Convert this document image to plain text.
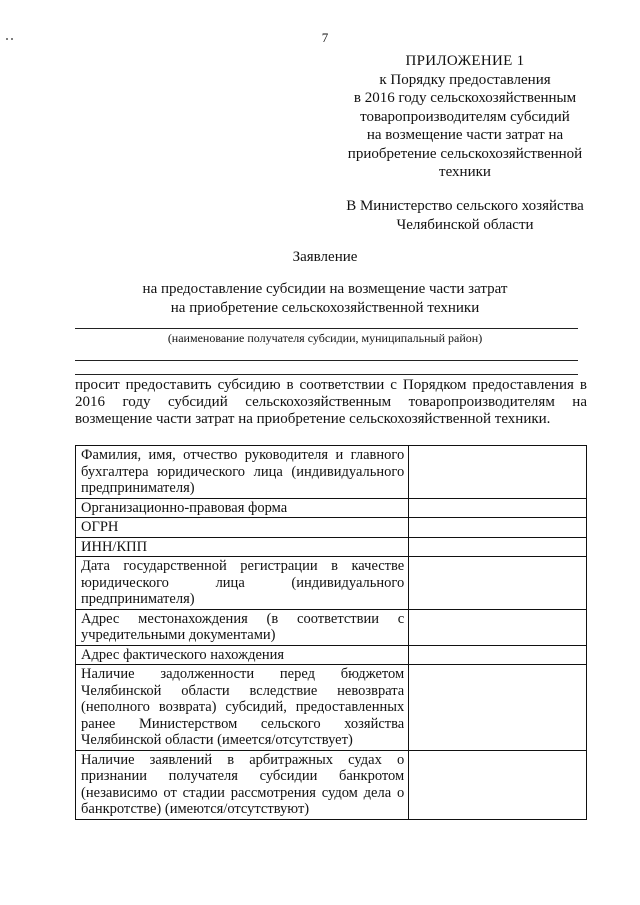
7
ПРИЛОЖЕНИЕ 1
к Порядку предоставления
в 2016 году сельскохозяйственным
товаропроизводителям субсидий
на возмещение части затрат на
приобретение сельскохозяйственной
техники
В Министерство сельского хозяйства
Челябинской области
Заявление
на предоставление субсидии на возмещение части затрат
на приобретение сельскохозяйственной техники
(наименование получателя субсидии, муниципальный район)

просит предоставить субсидию в соответствии с Порядком предоставления в

2016 году субсидий сельскохозяйственным товаропроизводителям на

возмещение части затрат на приобретение сельскохозяйственной техники.

Фамилия, имя, отчество руководителя и главного бухгалтера юридического лица (индивидуального предпринимателя)	
Организационно-правовая форма	
ОГРН	
ИНН/КПП	
Дата государственной регистрации в качестве юридического лица (индивидуального предпринимателя)	
Адрес местонахождения (в соответствии с учредительными документами)	
Адрес фактического нахождения	
Наличие задолженности перед бюджетом Челябинской области вследствие невозврата (неполного возврата) субсидий, предоставленных ранее Министерством сельского хозяйства Челябинской области (имеется/отсутствует)	
Наличие заявлений в арбитражных судах о признании получателя субсидии банкротом (независимо от стадии рассмотрения судом дела о банкротстве) (имеются/отсутствуют)	
